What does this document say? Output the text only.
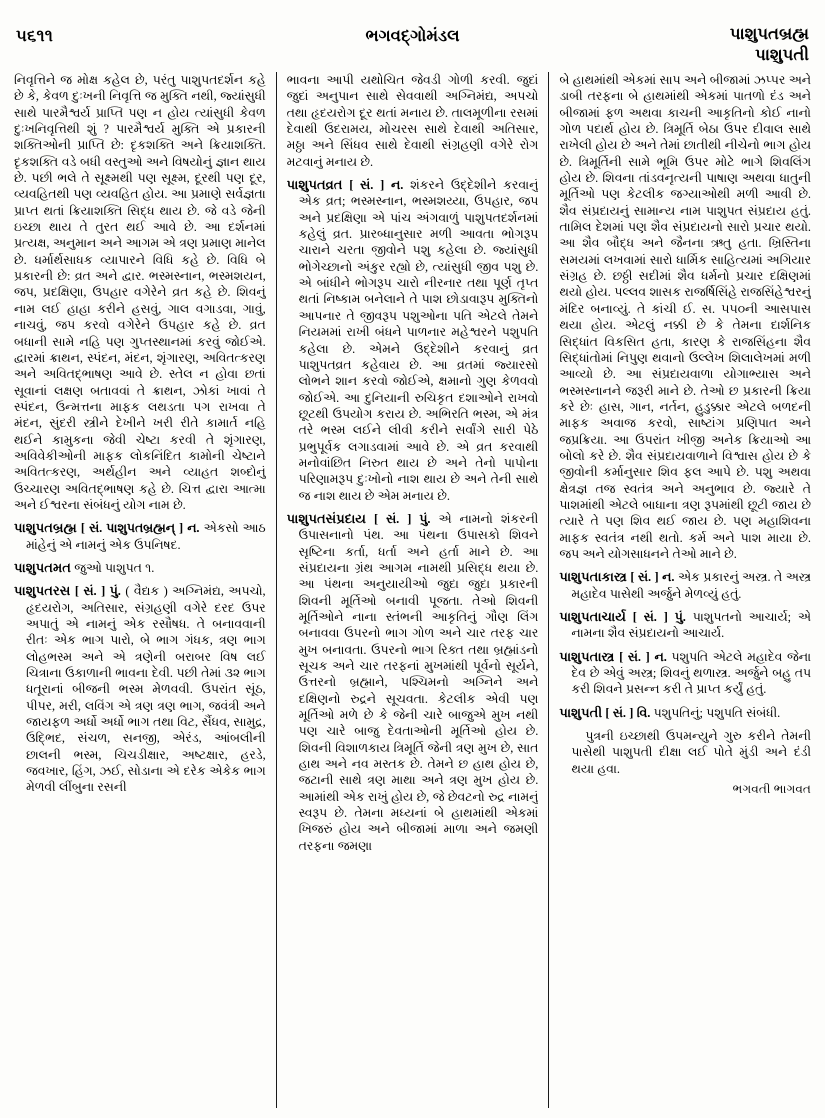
૫૬૧૧	ભગવદ્ગોમંડલ	પાશુપતબ્રહ્મ
પાશુપતી

નિવૃત્તિને જ મોક્ષ કહેલ છે, પરંતુ પાશુપતદર્શન કહે છે કે, કેવળ દુઃખની નિવૃત્તિ જ મુક્તિ નથી, જ્યાંસુધી સાથે પારમૈશ્વર્ય પ્રાપ્તિ પણ ન હોય ત્યાંસુધી કેવળ દુઃખનિવૃત્તિથી શું ? પારમૈશ્વર્ય મુક્તિ એ પ્રકારની શક્તિઓની પ્રાપ્તિ છે: દૃકશક્તિ અને ક્રિયાશક્તિ. દૃકશક્તિ વડે બધી વસ્તુઓ અને વિષયોનું જ્ઞાન થાય છે. પછી ભલે તે સૂક્ષ્મથી પણ સૂક્ષ્મ, દૂરથી પણ દૂર, વ્યવહિતથી પણ વ્યવહિત હોય. આ પ્રમાણે સર્વજ્ઞતા પ્રાપ્ત થતાં ક્રિયાશક્તિ સિદ્ધ થાય છે. જે વડે જેની ઇચ્છા થાય તે તુરત થઈ આવે છે. આ દર્શનમાં પ્રત્યક્ષ, અનુમાન અને આગમ એ ત્રણ પ્રમાણ માનેલ છે. ધર્માર્થસાધક વ્યાપારને વિધિ કહે છે. વિધિ બે પ્રકારની છે: વ્રત અને દ્વાર. ભસ્મસ્નાન, ભસ્મશયન, જપ, પ્રદક્ષિણા, ઉપહાર વગેરેને વ્રત કહે છે. શિવનું નામ લઈ હાહા કરીને હસવું, ગાલ વગાડવા, ગાવું, નાચવું, જપ કરવો વગેરેને ઉપહાર કહે છે. વ્રત બધાની સામે નહિ પણ ગુપ્તસ્થાનમાં કરવું જોઈએ. દ્વારમાં ક્રાથન, સ્પંદન, મંદન, શૃંગારણ, અવિતત્કરણ અને અવિતદ્ભાષણ આવે છે. સ્તેલ ન હોવા છતાં સૂવાનાં લક્ષણ બતાવવાં તે ક્રાથન, ઝોકાં ખાવાં તે સ્પંદન, ઉન્મત્તના માફક લથડતા પગ રાખવા તે મંદન, સુંદરી સ્ત્રીને દેખીને ખરી રીતે કામાર્ત નહિ થઈને કામુકના જેવી ચેષ્ટા કરવી તે શૃંગારણ, અવિવેકીઓની માફક લોકનિંદિત કામોની ચેષ્ટાને અવિતત્કરણ, અર્થહીન અને વ્યાહત શબ્દોનું ઉચ્ચારણ અવિતદ્ભાષણ કહે છે. ચિત્ત દ્વારા આત્મા અને ઈશ્વરના સંબંધનું યોગ નામ છે.

પાશુપતબ્રહ્મ [ સં. પાશુપતબ્રહ્મન્ ] ન. એકસો આઠ માંહેનું એ નામનું એક ઉપનિષદ.

પાશુપતમત જુઓ પાશુપત ૧.

પાશુપતરસ [ સં. ] પું. ( વૈદ્યક ) અગ્નિમંદ્ય, અપચો, હૃદયરોગ, અતિસાર, સંગ્રહણી વગેરે દરદ ઉપર અપાતું એ નામનું એક રસૌષધ. તે બનાવવાની રીતઃ એક ભાગ પારો, બે ભાગ ગંધક, ત્રણ ભાગ લોહભસ્મ અને એ ત્રણેની બરાબર વિષ લઈ ચિત્રાના ઉકાળાની ભાવના દેવી. પછી તેમાં ૩૨ ભાગ ધતૂરાનાં બીજની ભસ્મ મેળવવી. ઉપરાંત સૂંઠ, પીપર, મરી, લવિંગ એ ત્રણ ત્રણ ભાગ, જવંત્રી અને જાયફળ અર્ધો અર્ધો ભાગ તથા વિટ, સૈંધવ, સામુદ્ર, ઉદ્ભિદ, સંચળ, સનજી, એરંડ, આંબલીની છાલની ભસ્મ, ચિચડીક્ષાર, અષ્ટક્ષાર, હરડે, જવખાર, હિંગ, ઝઈ, સોડાના એ દરેક એકેક ભાગ મેળવી લીંબુના રસની

ભાવના આપી યથોચિત જેવડી ગોળી કરવી. જુદાં જુદાં અનુપાન સાથે સેવવાથી અગ્નિમંદ્ય, અપચો તથા હૃદયરોગ દૂર થતાં મનાય છે. તાલમૂળીના રસમાં દેવાથી ઉદરામય, મોચરસ સાથે દેવાથી અતિસાર, મઠ્ઠા અને સિંધવ સાથે દેવાથી સંગ્રહણી વગેરે રોગ મટવાનું મનાય છે.

પાશુપતવ્રત [ સં. ] ન. શંકરને ઉદ્દેશીને કરવાનું એક વ્રત; ભસ્મસ્નાન, ભસ્મશય્યા, ઉપહાર, જપ અને પ્રદક્ષિણા એ પાંચ અંગવાળું પાશુપતદર્શનમાં કહેલું વ્રત. પ્રારબ્ધાનુસાર મળી આવતા ભોગરૂપ ચારાને ચરતા જીવોને પશુ કહેલા છે. જ્યાંસુધી ભોગેચ્છાનો અંકુર રહ્યો છે, ત્યાંસુધી જીવ પશુ છે. એ બાંધીને ભોગરૂપ ચારો નીરનાર તથા પૂર્ણ તૃપ્ત થતાં નિષ્કામ બનેલાને તે પાશ છોડાવારૂપ મુક્તિનો આપનાર તે જીવરૂપ પશુઓના પતિ એટલે તેમને નિયમમાં રાખી બંધને પાળનાર મહેશ્વરને પશુપતિ કહેલા છે. એમને ઉદ્દેશીને કરવાનું વ્રત પાશુપતવ્રત કહેવાય છે. આ વ્રતમાં જ્યારસો લોભને શાન કરવો જોઈએ, ક્ષમાનો ગુણ કેળવવો જોઈએ. આ દુનિયાની રુચિકૃત દશાઓને રાખવો છૂટથી ઉપયોગ કરાય છે. અભિરતિ ભસ્મ, એ મંત્ર તરે ભસ્મ લઈને લીવી કરીને સર્વાંગે સારી પેઠે પ્રભુપૂર્વક લગાડવામાં આવે છે. એ વ્રત કરવાથી મનોવાંછિત નિરુત થાય છે અને તેનો પાપોના પરિણામરૂપ દુઃખોનો નાશ થાય છે અને તેની સાથે જ નાશ થાય છે એમ મનાય છે.

પાશુપતસંપ્રદાય [ સં. ] પું. એ નામનો શંકરની ઉપાસનાનો પંથ. આ પંથના ઉપાસકો શિવને સૃષ્ટિના કર્તા, ધર્તા અને હર્તા માને છે. આ સંપ્રદાયના ગ્રંથ આગમ નામથી પ્રસિદ્ધ થયા છે. આ પંથના અનુયાયીઓ જુદા જુદા પ્રકારની શિવની મૂર્તિઓ બનાવી પૂજતા. તેઓ શિવની મૂર્તિઓને નાના સ્તંભની આકૃતિનું ગૌણ લિંગ બનાવવા ઉપરનો ભાગ ગોળ અને ચાર તરફ ચાર મુખ બનાવતા. ઉપરનો ભાગ રિક્ત તથા બ્રહ્માંડનો સૂચક અને ચાર તરફનાં મુખમાંથી પૂર્વનો સૂર્યને, ઉત્તરનો બ્રહ્માને, પશ્ચિમનો અગ્નિને અને દક્ષિણનો રુદ્રને સૂચવતા. કેટલીક એવી પણ મૂર્તિઓ મળે છે કે જેની ચારે બાજુએ મુખ નથી પણ ચારે બાજુ દેવતાઓની મૂર્તિઓ હોય છે. શિવની વિશાળકાય ત્રિમૂર્તિ જેની ત્રણ મુખ છે, સાત હાથ અને નવ મસ્તક છે. તેમને છ હાથ હોય છે, જટાની સાથે ત્રણ માથા અને ત્રણ મુખ હોય છે. આમાંથી એક રાખું હોય છે, જે છેવટનો રુદ્ર નામનું સ્વરૂપ છે. તેમના મધ્યનાં બે હાથમાંથી એકમાં ખિજરું હોય અને બીજામાં માળા અને જમણી તરફના જમણા

બે હાથમાંથી એકમાં સાપ અને બીજામાં ઝપ્પર અને ડાબી તરફના બે હાથમાંથી એકમાં પાતળો દંડ અને બીજામાં ફળ અથવા કાચની આકૃતિનો કોઈ નાનો ગોળ પદાર્થ હોય છે. ત્રિમૂર્તિ બેઠા ઉપર દીવાલ સાથે રાખેલી હોય છે અને તેમાં છાતીથી નીચેનો ભાગ હોય છે. ત્રિમૂર્તિની સામે ભૂમિ ઉપર મોટે ભાગે શિવલિંગ હોય છે. શિવના તાંડવનૃત્યની પાષાણ અથવા ધાતુની મૂર્તિઓ પણ કેટલીક જગ્યાઓથી મળી આવી છે. શૈવ સંપ્રદાયનું સામાન્ય નામ પાશુપત સંપ્રદાય હતું. તામિલ દેશમાં પણ શૈવ સંપ્રદાયનો સારો પ્રચાર થયો. આ શૈવ બૌદ્ધ અને જૈનના ઋતુ હતા. ખ્રિસ્તિના સમયમાં લખવામાં સારો ધાર્મિક સાહિત્યમાં અગિયાર સંગ્રહ છે. છઠ્ઠી સદીમાં શૈવ ધર્મનો પ્રચાર દક્ષિણમાં થયો હોય. પલ્લવ શાસક રાજર્ષિસિંહે રાજસિંહેશ્વરનું મંદિર બનાવ્યું. તે કાંચી ઈ. સ. ૫૫૦ની આસપાસ થયા હોય. એટલું નક્કી છે કે તેમના દાર્શનિક સિદ્ધાંત વિકસિત હતા, કારણ કે રાજસિંહના શૈવ સિદ્ધાંતોમાં નિપુણ થવાનો ઉલ્લેખ શિલાલેખમાં મળી આવ્યો છે. આ સંપ્રદાયવાળા યોગાભ્યાસ અને ભસ્મસ્નાનને જરૂરી માને છે. તેઓ છ પ્રકારની ક્રિયા કરે છેઃ હાસ, ગાન, નર્તન, હુડુક્કાર એટલે બળદની માફક અવાજ કરવો, સાષ્ટાંગ પ્રણિપાત અને જપ્રક્રિયા. આ ઉપરાંત ખીજી અનેક ક્રિયાઓ આ બોલો કરે છે. શૈવ સંપ્રદાયવાળાને વિશ્વાસ હોય છે કે જીવોની કર્માનુસાર શિવ ફલ આપે છે. પશુ અથવા ક્ષેત્રજ્ઞ તજ સ્વતંત્ર અને અનુભાવ છે. જ્યારે તે પાશમાંથી એટલે બાધાના ત્રણ રૂપમાંથી છૂટી જાય છે ત્યારે તે પણ શિવ થઈ જાય છે. પણ મહાશિવના માફક સ્વતંત્ર નથી થતો. કર્મ અને પાશ માયા છે. જપ અને યોગસાધનને તેઓ માને છે.

પાશુપતાકાસ્ત્ર [ સં. ] ન. એક પ્રકારનું અસ્ત્ર. તે અસ્ત્ર મહાદેવ પાસેથી અર્જુને મેળવ્યું હતું.

પાશુપતાચાર્ય [ સં. ] પું. પાશુપતનો આચાર્ય; એ નામના શૈવ સંપ્રદાયનો આચાર્ય.

પાશુપતાસ્ત્ર [ સં. ] ન. પશુપતિ એટલે મહાદેવ જેના દેવ છે એવું અસ્ત્ર; શિવનું થળાસ્ત્ર. અર્જુને બહુ તપ કરી શિવને પ્રસન્ન કરી તે પ્રાપ્ત કર્યું હતું.

પાશુપતી [ સં. ] વિ. પશુપતિનું; પશુપતિ સંબંધી.

પુત્રની ઇચ્છાથી ઉપમન્યુને ગુરુ કરીને તેમની પાસેથી પાશુપતી દીક્ષા લઈ પોતે મુંડી અને દંડી થયા હવા.

ભગવતી ભાગવત
